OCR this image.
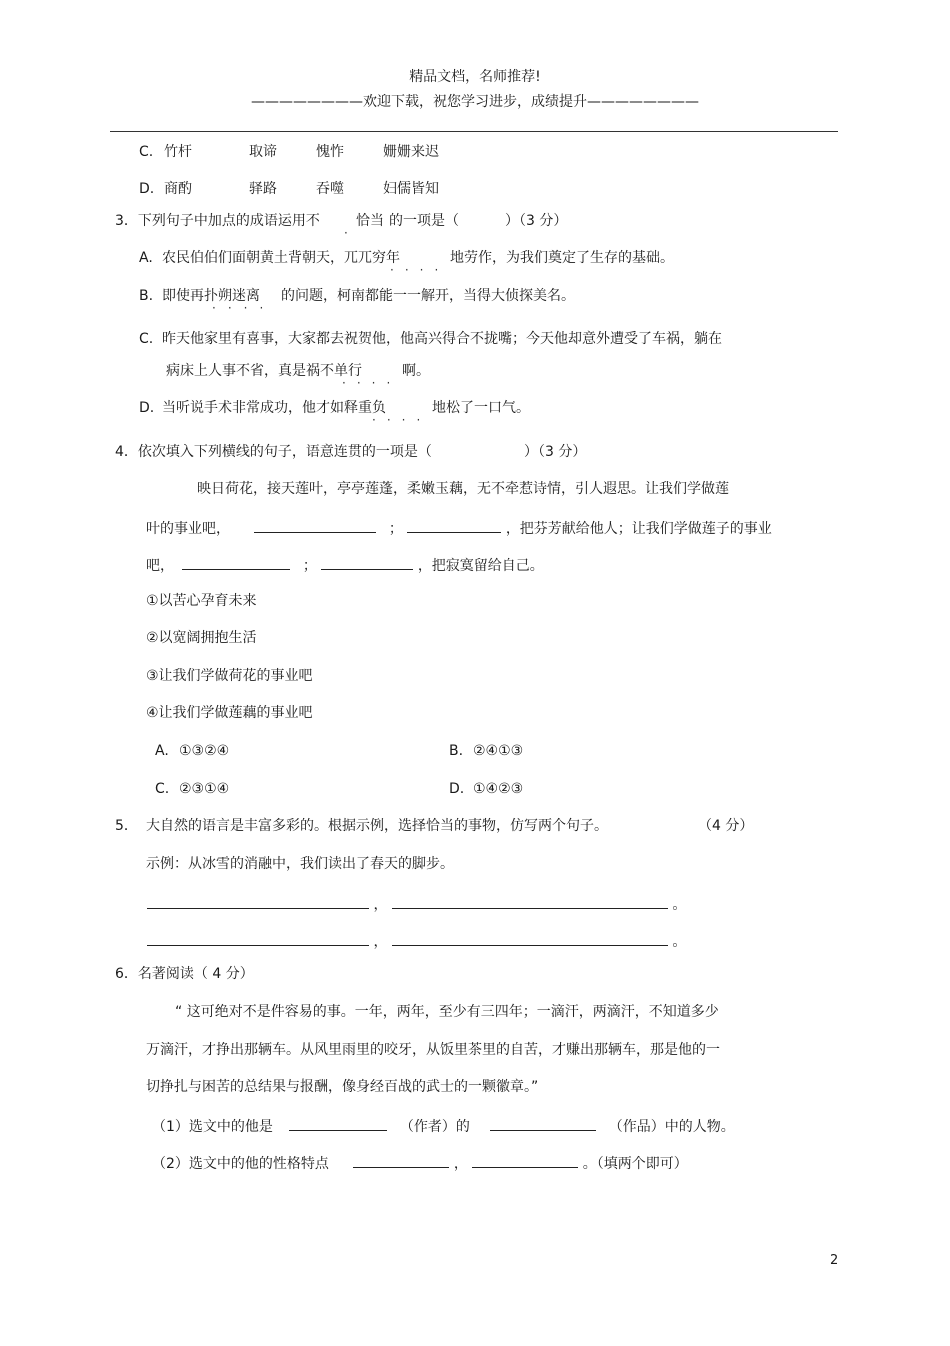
精品文档，名师推荐!
————————欢迎下载，祝您学习进步，成绩提升————————
C. 竹杆	取谛	愧怍	姗姗来迟
D. 商酌	驿路	吞噬	妇儒皆知
3．下列句子中加点的成语运用不	恰当
·
的一项是（	）（3 分）
A. 农民伯伯们面朝黄土背朝天，兀兀穷年
····
地劳作，为我们奠定了生存的基础。
B. 即使再扑朔迷离
····
的问题，柯南都能一一解开，当得大侦探美名。
C. 昨天他家里有喜事，大家都去祝贺他，他高兴得合不拢嘴；今天他却意外遭受了车祸，躺在
病床上人事不省，真是祸不单行
····
啊。
D. 当听说手术非常成功，他才如释重负
····
地松了一口气。
4．依次填入下列横线的句子，语意连贯的一项是（	）（3 分）
映日荷花，接天莲叶，亭亭莲蓬，柔嫩玉藕，无不牵惹诗情，引人遐思。让我们学做莲
叶的事业吧，	；	，把芬芳献给他人；让我们学做莲子的事业
吧，	；	，把寂寞留给自己。
①以苦心孕育未来
②以宽阔拥抱生活
③让我们学做荷花的事业吧
④让我们学做莲藕的事业吧
A. ①③②④	B. ②④①③
C. ②③①④	D. ①④②③
5． 大自然的语言是丰富多彩的。根据示例，选择恰当的事物，仿写两个句子。	（4 分）
示例：从冰雪的消融中，我们读出了春天的脚步。
，	。
，	。
6．名著阅读（ 4 分）
“ 这可绝对不是件容易的事。一年，两年，至少有三四年；一滴汗，两滴汗，不知道多少
万滴汗，才挣出那辆车。从风里雨里的咬牙，从饭里茶里的自苦，才赚出那辆车，那是他的一
切挣扎与困苦的总结果与报酬，像身经百战的武士的一颗徽章。”
（1）选文中的他是	（作者）的	（作品）中的人物。
（2）选文中的他的性格特点	，	。（填两个即可）
2
